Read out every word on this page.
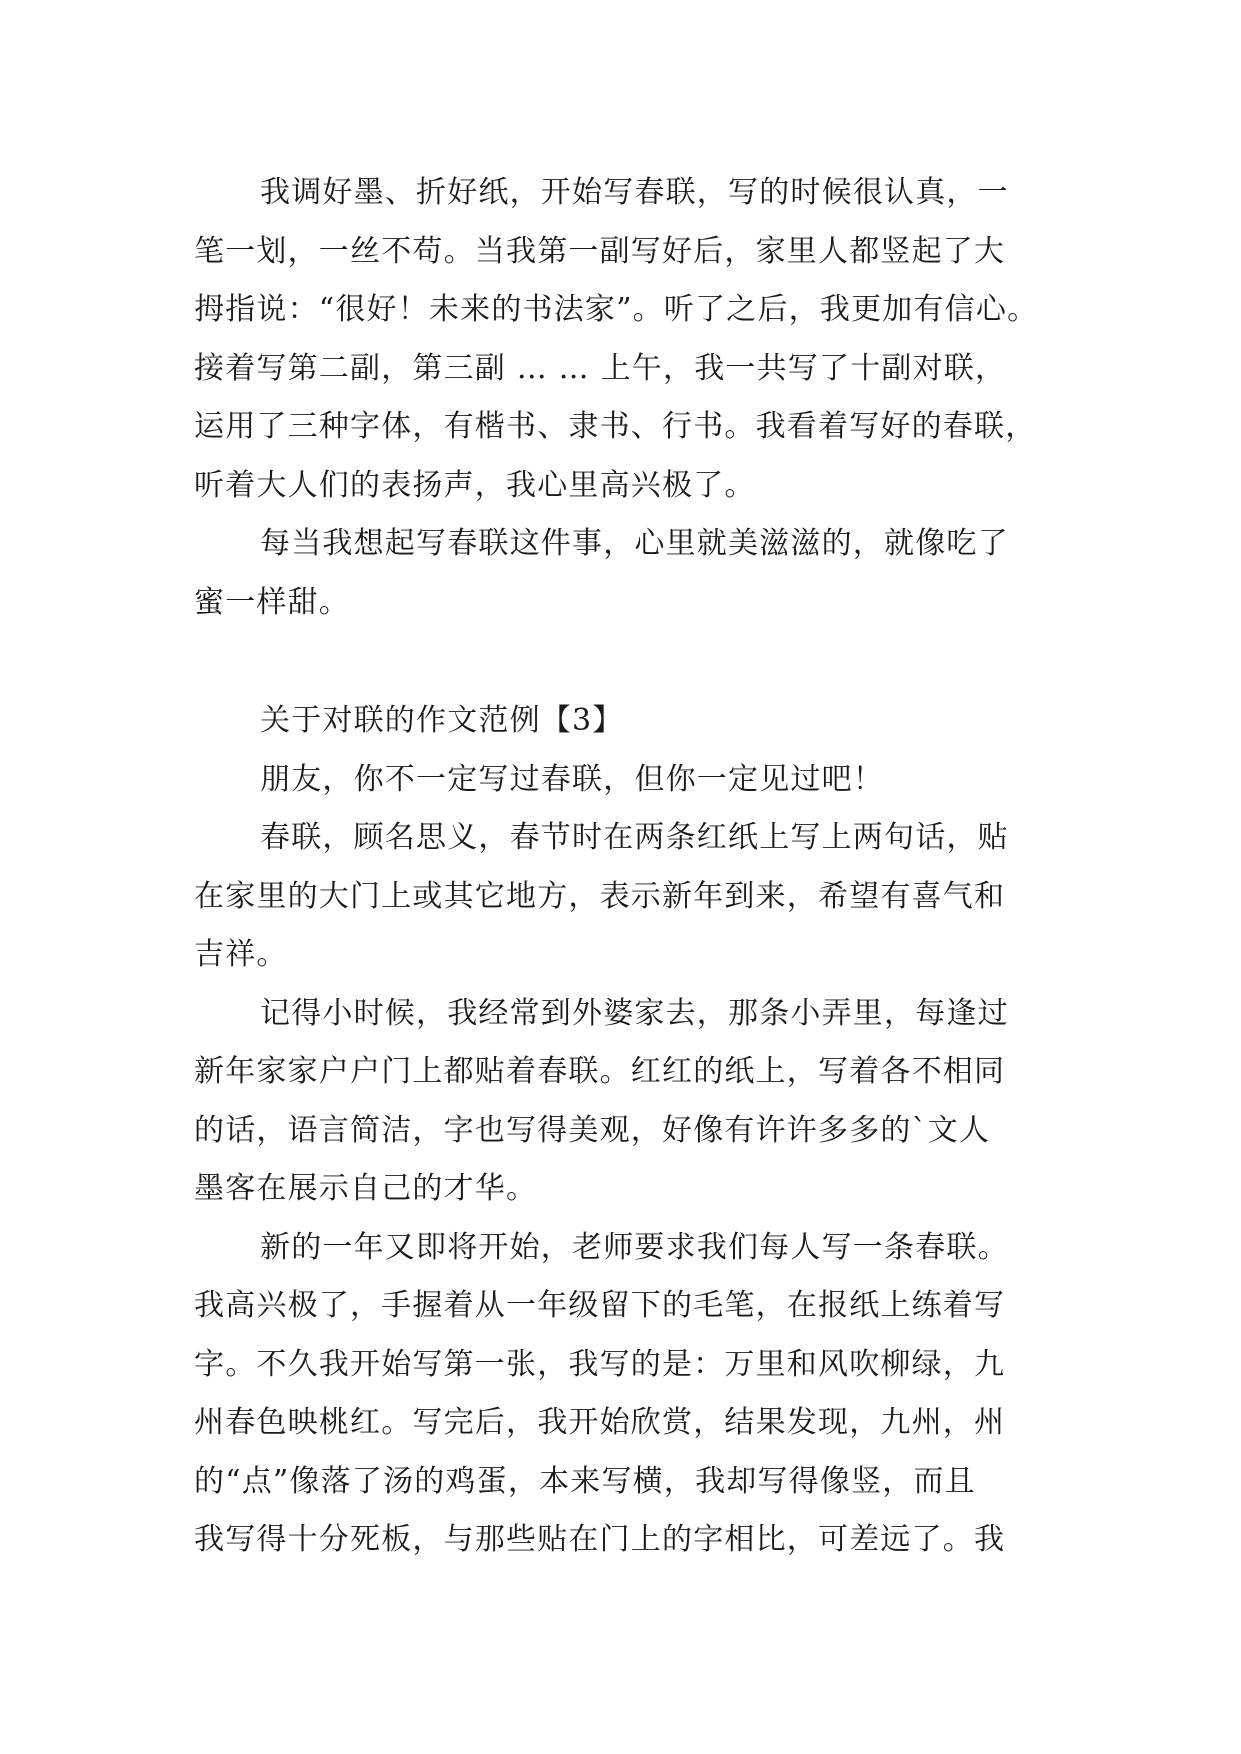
我调好墨、折好纸，开始写春联，写的时候很认真，一
笔一划，一丝不苟。当我第一副写好后，家里人都竖起了大
拇指说：“很好！未来的书法家”。听了之后，我更加有信心。
接着写第二副，第三副 … … 上午，我一共写了十副对联，
运用了三种字体，有楷书、隶书、行书。我看着写好的春联，
听着大人们的表扬声，我心里高兴极了。
每当我想起写春联这件事，心里就美滋滋的，就像吃了
蜜一样甜。
关于对联的作文范例【3】
朋友，你不一定写过春联，但你一定见过吧！
春联，顾名思义，春节时在两条红纸上写上两句话，贴
在家里的大门上或其它地方，表示新年到来，希望有喜气和
吉祥。
记得小时候，我经常到外婆家去，那条小弄里，每逢过
新年家家户户门上都贴着春联。红红的纸上，写着各不相同
的话，语言简洁，字也写得美观，好像有许许多多的`文人
墨客在展示自己的才华。
新的一年又即将开始，老师要求我们每人写一条春联。
我高兴极了，手握着从一年级留下的毛笔，在报纸上练着写
字。不久我开始写第一张，我写的是：万里和风吹柳绿，九
州春色映桃红。写完后，我开始欣赏，结果发现，九州，州
的“点”像落了汤的鸡蛋，本来写横，我却写得像竖，而且
我写得十分死板，与那些贴在门上的字相比，可差远了。我
